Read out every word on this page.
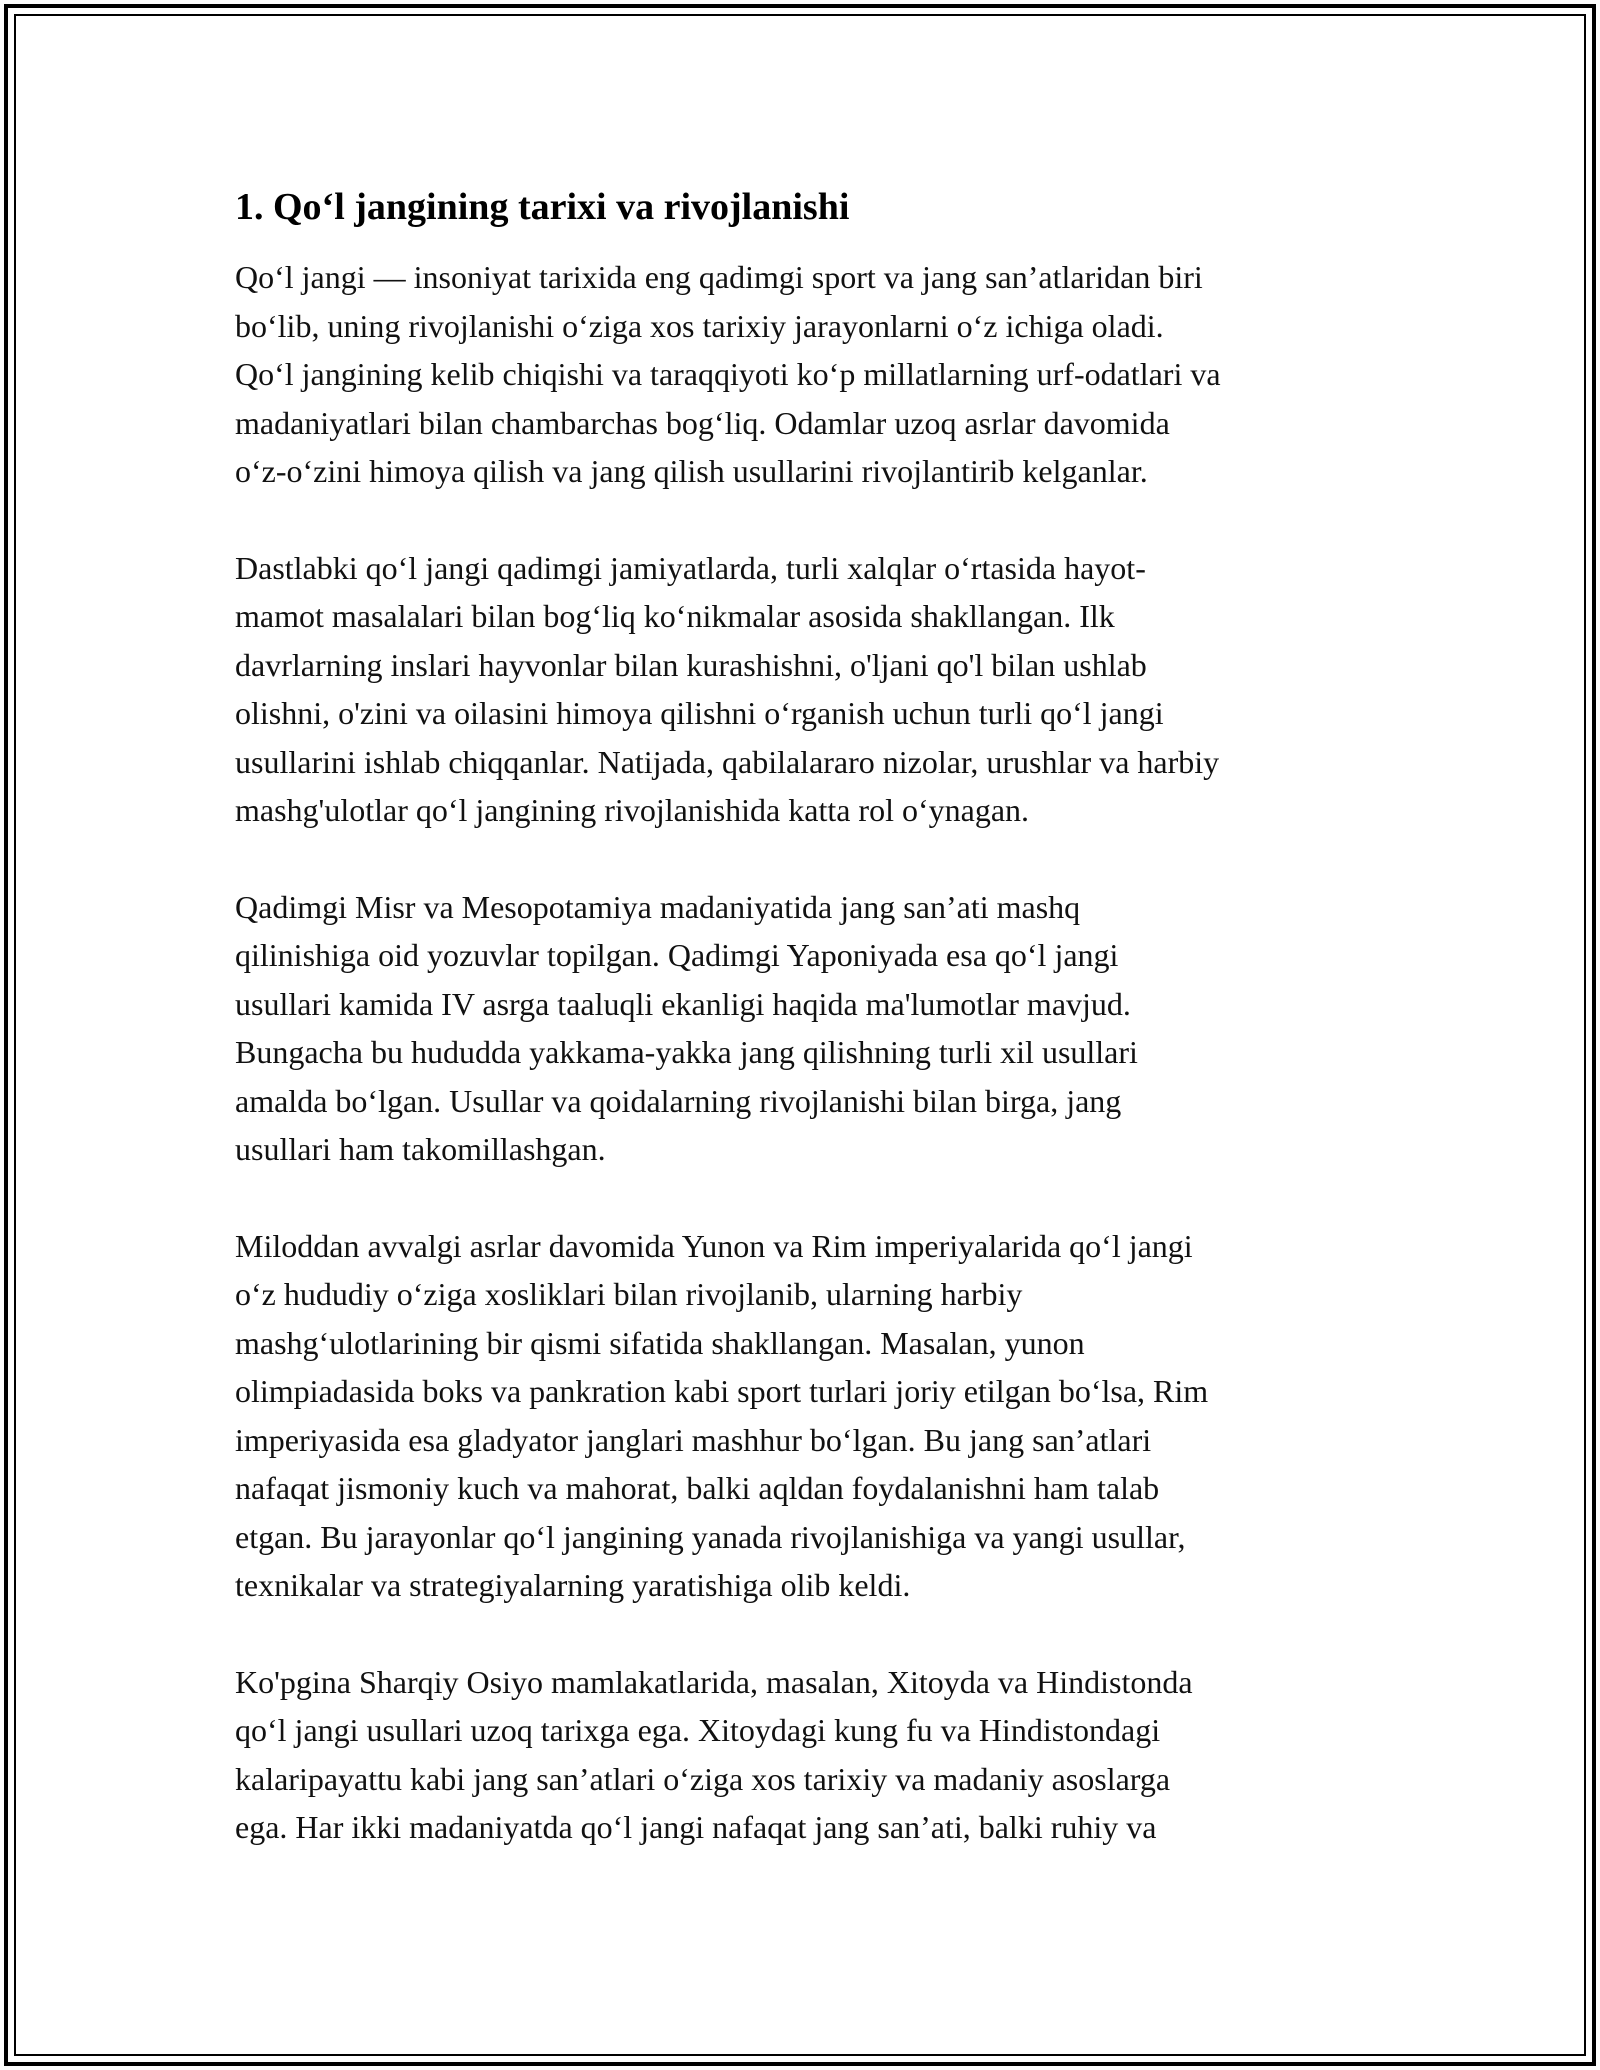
1. Qo‘l jangining tarixi va rivojlanishi

Qo‘l jangi — insoniyat tarixida eng qadimgi sport va jang san’atlaridan biri
bo‘lib, uning rivojlanishi o‘ziga xos tarixiy jarayonlarni o‘z ichiga oladi.
Qo‘l jangining kelib chiqishi va taraqqiyoti ko‘p millatlarning urf-odatlari va
madaniyatlari bilan chambarchas bog‘liq. Odamlar uzoq asrlar davomida
o‘z-o‘zini himoya qilish va jang qilish usullarini rivojlantirib kelganlar.

Dastlabki qo‘l jangi qadimgi jamiyatlarda, turli xalqlar o‘rtasida hayot-
mamot masalalari bilan bog‘liq ko‘nikmalar asosida shakllangan. Ilk
davrlarning inslari hayvonlar bilan kurashishni, o'ljani qo'l bilan ushlab
olishni, o'zini va oilasini himoya qilishni o‘rganish uchun turli qo‘l jangi
usullarini ishlab chiqqanlar. Natijada, qabilalararo nizolar, urushlar va harbiy
mashg'ulotlar qo‘l jangining rivojlanishida katta rol o‘ynagan.

Qadimgi Misr va Mesopotamiya madaniyatida jang san’ati mashq
qilinishiga oid yozuvlar topilgan. Qadimgi Yaponiyada esa qo‘l jangi
usullari kamida IV asrga taaluqli ekanligi haqida ma'lumotlar mavjud.
Bungacha bu hududda yakkama-yakka jang qilishning turli xil usullari
amalda bo‘lgan. Usullar va qoidalarning rivojlanishi bilan birga, jang
usullari ham takomillashgan.

Miloddan avvalgi asrlar davomida Yunon va Rim imperiyalarida qo‘l jangi
o‘z hududiy o‘ziga xosliklari bilan rivojlanib, ularning harbiy
mashg‘ulotlarining bir qismi sifatida shakllangan. Masalan, yunon
olimpiadasida boks va pankration kabi sport turlari joriy etilgan bo‘lsa, Rim
imperiyasida esa gladyator janglari mashhur bo‘lgan. Bu jang san’atlari
nafaqat jismoniy kuch va mahorat, balki aqldan foydalanishni ham talab
etgan. Bu jarayonlar qo‘l jangining yanada rivojlanishiga va yangi usullar,
texnikalar va strategiyalarning yaratishiga olib keldi.

Ko'pgina Sharqiy Osiyo mamlakatlarida, masalan, Xitoyda va Hindistonda
qo‘l jangi usullari uzoq tarixga ega. Xitoydagi kung fu va Hindistondagi
kalaripayattu kabi jang san’atlari o‘ziga xos tarixiy va madaniy asoslarga
ega. Har ikki madaniyatda qo‘l jangi nafaqat jang san’ati, balki ruhiy va
